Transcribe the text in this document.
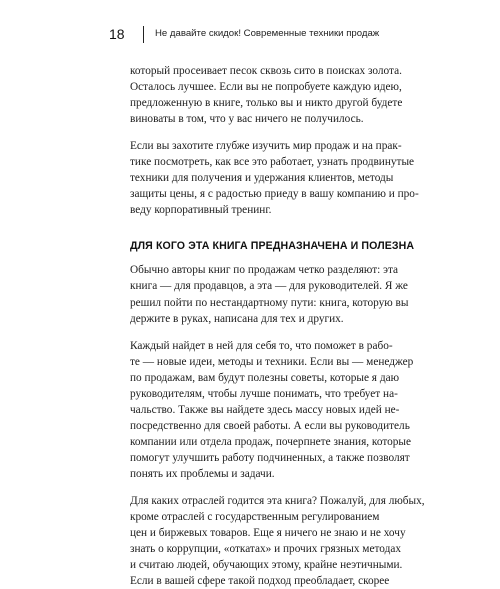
18	Не давайте скидок! Современные техники продаж

который просеивает песок сквозь сито в поисках золота.
Осталось лучшее. Если вы не попробуете каждую идею,
предложенную в книге, только вы и никто другой будете
виноваты в том, что у вас ничего не получилось.

Если вы захотите глубже изучить мир продаж и на прак-
тике посмотреть, как все это работает, узнать продвинутые
техники для получения и удержания клиентов, методы
защиты цены, я с радостью приеду в вашу компанию и про-
веду корпоративный тренинг.

ДЛЯ КОГО ЭТА КНИГА ПРЕДНАЗНАЧЕНА И ПОЛЕЗНА

Обычно авторы книг по продажам четко разделяют: эта
книга — для продавцов, а эта — для руководителей. Я же
решил пойти по нестандартному пути: книга, которую вы
держите в руках, написана для тех и других.

Каждый найдет в ней для себя то, что поможет в рабо-
те — новые идеи, методы и техники. Если вы — менеджер
по продажам, вам будут полезны советы, которые я даю
руководителям, чтобы лучше понимать, что требует на-
чальство. Также вы найдете здесь массу новых идей не-
посредственно для своей работы. А если вы руководитель
компании или отдела продаж, почерпнете знания, которые
помогут улучшить работу подчиненных, а также позволят
понять их проблемы и задачи.

Для каких отраслей годится эта книга? Пожалуй, для любых,
кроме отраслей с государственным регулированием
цен и биржевых товаров. Еще я ничего не знаю и не хочу
знать о коррупции, «откатах» и прочих грязных методах
и считаю людей, обучающих этому, крайне неэтичными.
Если в вашей сфере такой подход преобладает, скорее
